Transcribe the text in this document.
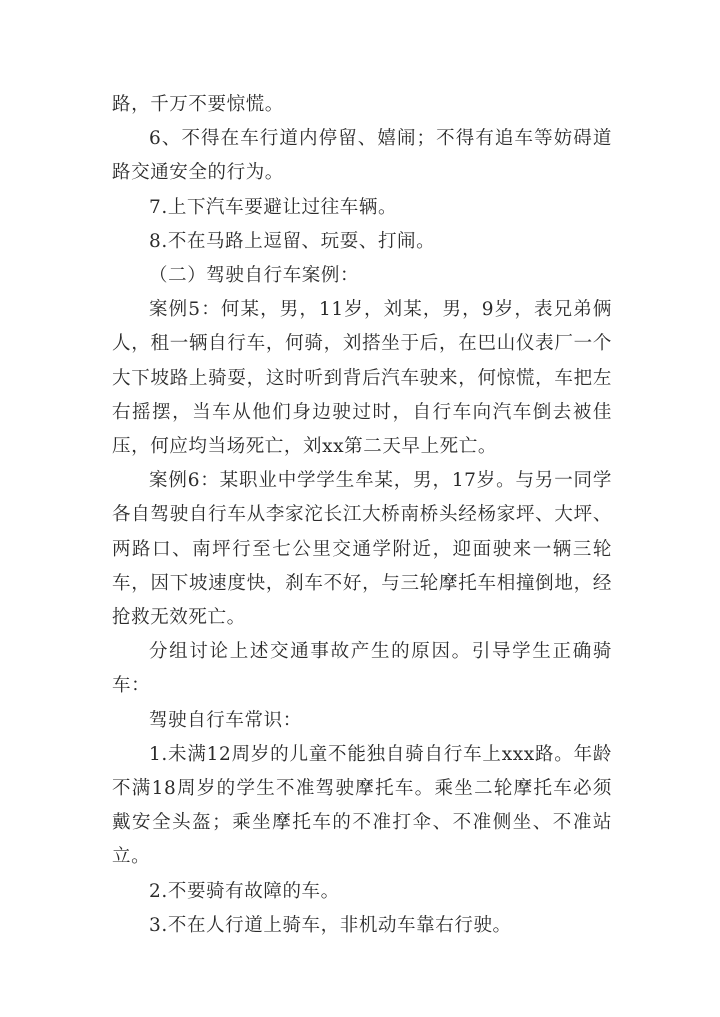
路，千万不要惊慌。

6、不得在车行道内停留、嬉闹；不得有追车等妨碍道路交通安全的行为。

7.上下汽车要避让过往车辆。

8.不在马路上逗留、玩耍、打闹。

（二）驾驶自行车案例：

案例5：何某，男，11岁，刘某，男，9岁，表兄弟俩人，租一辆自行车，何骑，刘搭坐于后，在巴山仪表厂一个大下坡路上骑耍，这时听到背后汽车驶来，何惊慌，车把左右摇摆，当车从他们身边驶过时，自行车向汽车倒去被佳压，何应均当场死亡，刘xx第二天早上死亡。

案例6：某职业中学学生牟某，男，17岁。与另一同学各自驾驶自行车从李家沱长江大桥南桥头经杨家坪、大坪、两路口、南坪行至七公里交通学附近，迎面驶来一辆三轮车，因下坡速度快，刹车不好，与三轮摩托车相撞倒地，经抢救无效死亡。

分组讨论上述交通事故产生的原因。引导学生正确骑车：

驾驶自行车常识：

1.未满12周岁的儿童不能独自骑自行车上xxx路。年龄不满18周岁的学生不准驾驶摩托车。乘坐二轮摩托车必须戴安全头盔；乘坐摩托车的不准打伞、不准侧坐、不准站立。

2.不要骑有故障的车。

3.不在人行道上骑车，非机动车靠右行驶。
